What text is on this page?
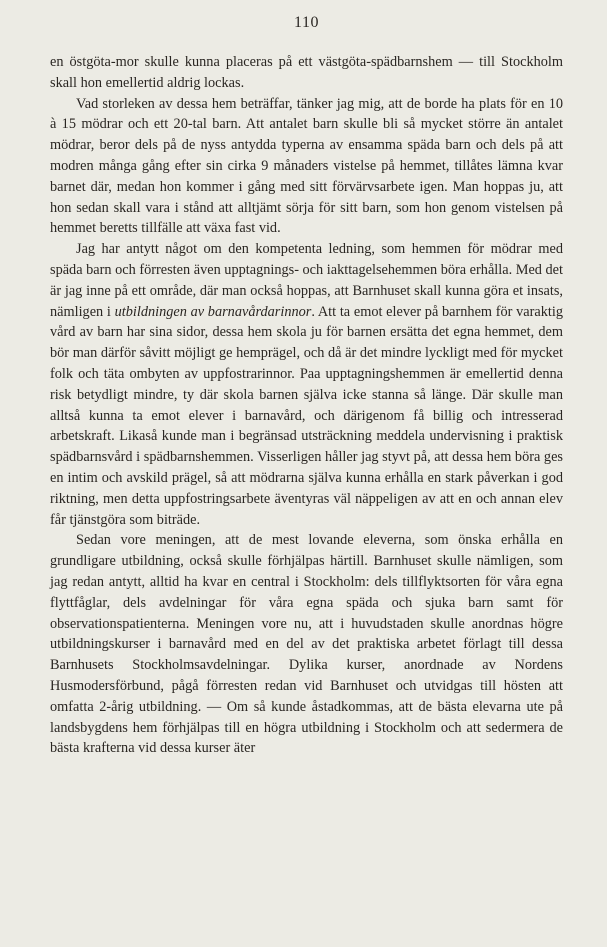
110

en östgöta-mor skulle kunna placeras på ett västgöta-spädbarnshem — till Stockholm skall hon emellertid aldrig lockas.

Vad storleken av dessa hem beträffar, tänker jag mig, att de borde ha plats för en 10 à 15 mödrar och ett 20-tal barn. Att antalet barn skulle bli så mycket större än antalet mödrar, beror dels på de nyss antydda typerna av ensamma späda barn och dels på att modren många gång efter sin cirka 9 månaders vistelse på hemmet, tillåtes lämna kvar barnet där, medan hon kommer i gång med sitt förvärvsarbete igen. Man hoppas ju, att hon sedan skall vara i stånd att alltjämt sörja för sitt barn, som hon genom vistelsen på hemmet beretts tillfälle att växa fast vid.

Jag har antytt något om den kompetenta ledning, som hemmen för mödrar med späda barn och förresten även upptagnings- och iakttagelsehemmen böra erhålla. Med det är jag inne på ett område, där man också hoppas, att Barnhuset skall kunna göra et insats, nämligen i utbildningen av barnavårdarinnor. Att ta emot elever på barnhem för varaktig vård av barn har sina sidor, dessa hem skola ju för barnen ersätta det egna hemmet, dem bör man därför såvitt möjligt ge hemprägel, och då är det mindre lyckligt med för mycket folk och täta ombyten av uppfostrarinnor. Paa upptagningshemmen är emellertid denna risk betydligt mindre, ty där skola barnen själva icke stanna så länge. Där skulle man alltså kunna ta emot elever i barnavård, och därigenom få billig och intresserad arbetskraft. Likaså kunde man i begränsad utsträckning meddela undervisning i praktisk spädbarnsvård i spädbarnshemmen. Visserligen håller jag styvt på, att dessa hem böra ges en intim och avskild prägel, så att mödrarna själva kunna erhålla en stark påverkan i god riktning, men detta uppfostringsarbete äventyras väl näppeligen av att en och annan elev får tjänstgöra som biträde.

Sedan vore meningen, att de mest lovande eleverna, som önska erhålla en grundligare utbildning, också skulle förhjälpas härtill. Barnhuset skulle nämligen, som jag redan antytt, alltid ha kvar en central i Stockholm: dels tillflyktsorten för våra egna flyttfåglar, dels avdelningar för våra egna späda och sjuka barn samt för observationspatienterna. Meningen vore nu, att i huvudstaden skulle anordnas högre utbildningskurser i barnavård med en del av det praktiska arbetet förlagt till dessa Barnhusets Stockholmsavdelningar. Dylika kurser, anordnade av Nordens Husmodersförbund, pågå förresten redan vid Barnhuset och utvidgas till hösten att omfatta 2-årig utbildning. — Om så kunde åstadkommas, att de bästa elevarna ute på landsbygdens hem förhjälpas till en högra utbildning i Stockholm och att sedermera de bästa krafterna vid dessa kurser äter
